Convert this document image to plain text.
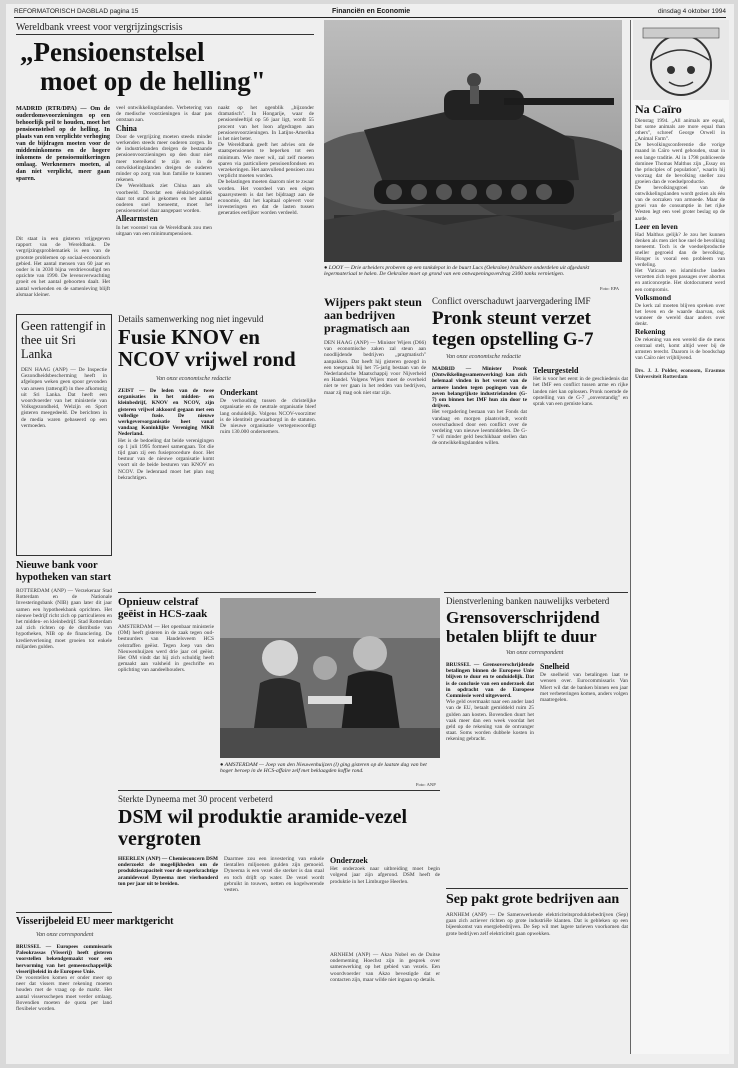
REFORMATORISCH DAGBLAD pagina 15	Financiën en Economie	dinsdag 4 oktober 1994
Wereldbank vreest voor vergrijzingscrisis
„Pensioenstelsel
moet op de helling"
MADRID (RTR/DPA) — Om de ouderdomsvoorzieningen op een behoorlijk peil te houden, moet het pensioenstelsel op de helling. In plaats van een verplichte verhoging van de bijdragen moeten voor de middeninkomens en de hogere inkomens de pensioenuitkeringen omlaag. Werknemers moeten, al dan niet verplicht, meer gaan sparen.
Dit staat in een gisteren vrijgegeven rapport van de Wereldbank. De vergrijzingsproblematiek is een van de grootste problemen op sociaal-economisch gebied. Het aantal mensen van 60 jaar en ouder is in 2030 bijna verdrievoudigd ten opzichte van 1990. De levensverwachting groeit en het aantal geboorten daalt. Het aantal werkenden en de samenleving blijft alsmaar kleiner.
veel ontwikkelingslanden. Verbetering van de medische voorzieningen is daar pas ontstaan aan.
China
Door de vergrijzing moeten steeds minder werkenden steeds meer ouderen zorgen. In de industrielanden dreigen de bestaande pensioenvoorzieningen op den duur niet meer toereikend te zijn en in de ontwikkelingslanden dreigen de ouderen minder op zorg van hun familie te kunnen rekenen.
De Wereldbank ziet China aan als voorbeeld. Doordat een éénkind-politiek daar tot stand is gekomen en het aantal ouderen snel toeneemt, moet het pensioenstelsel daar aangepast worden.
Allearmsten
In het voorstel van de Wereldbank zou men uitgaan van een minimumpensioen.
naakt op het ogenblik „bijzonder dramatisch". In Hongarije, waar de pensioenleeftijd op 56 jaar ligt, wordt 55 procent van het loon afgedragen aan pensioenvoorzieningen. In Latijns-Amerika is het niet beter.
De Wereldbank geeft het advies om de staatspensioenen te beperken tot een minimum. Wie meer wil, zal zelf moeten sparen via particuliere pensioenfondsen en verzekeringen. Het aanvullend pensioen zou verplicht moeten worden.
De belastingen moeten daarom niet te zwaar worden. Het voordeel van een eigen spaarsysteem is dat het bijdraagt aan de economie, dat het kapitaal oplevert voor investeringen en dat de lasten tussen generaties eerlijker worden verdeeld.
● LOOY — Drie arbeiders proberen op een tankdepot in de buurt Lucs (Oekraïne) bruikbare onderdelen uit afgedankt legermateriaal te halen. De Oekraïne moet op grond van een ontwapeningsverdrag 2300 tanks vernietigen.
Foto: EPA
Na Caïro
Dienstag 1994. „All animals are equal, but some animals are more equal than others", schreef George Orwell in „Animal Farm".
De bevolkingsconferentie die vorige maand in Caïro werd gehouden, staat in een lange traditie. Al in 1798 publiceerde dominee Thomas Malthus zijn „Essay on the principles of population", waarin hij voorzag dat de bevolking sneller zou groeien dan de voedselproductie.
De bevolkingsgroei van de ontwikkelingslanden wordt gezien als één van de oorzaken van armoede. Maar de groei van de consumptie in het rijke Westen legt een veel groter beslag op de aarde.
Leer en leven
Had Malthus gelijk? Je zou het kunnen denken als men ziet hoe snel de bevolking toeneemt. Toch is de voedselproductie sneller gegroeid dan de bevolking. Honger is vooral een probleem van verdeling.
Het Vaticaan en islamitische landen verzetten zich tegen passages over abortus en anticonceptie. Het slotdocument werd een compromis.
Volksmond
De kerk zal moeten blijven spreken over het leven en de waarde daarvan, ook wanneer de wereld daar anders over denkt.
Rekening
De rekening van een wereld die de mens centraal stelt, komt altijd weer bij de armsten terecht. Daarom is de boodschap van Caïro niet vrijblijvend.

Drs. J. J. Polder, econoom, Erasmus Universiteit Rotterdam
Geen rattengif in thee uit Sri Lanka
DEN HAAG (ANP) — De Inspectie Gezondheidsbescherming heeft in afgelopen weken geen spoor gevonden van arseen (rattengif) in thee afkomstig uit Sri Lanka. Dat heeft een woordvoerder van het ministerie van Volksgezondheid, Welzijn en Sport gisteren meegedeeld. De berichten in de media waren gebaseerd op een vermoeden.
Nieuwe bank voor hypotheken van start
ROTTERDAM (ANP) — Verzekeraar Stad Rotterdam en de Nationale Investeringsbank (NIB) gaan later dit jaar samen een hypotheekbank oprichten. Het nieuwe bedrijf richt zich op particulieren en het midden- en kleinbedrijf. Stad Rotterdam zal zich richten op de distributie van hypotheken, NIB op de financiering. De kredietverlening moet groeien tot enkele miljarden gulden.
Details samenwerking nog niet ingevuld
Fusie KNOV en NCOV vrijwel rond
Van onze economische redactie
ZEIST — De leden van de twee organisaties in het midden- en kleinbedrijf, KNOV en NCOV, zijn gisteren vrijwel akkoord gegaan met een volledige fusie. De nieuwe werkgeversorganisatie heet vanaf vandaag Koninklijke Vereniging MKB Nederland.
Het is de bedoeling dat beide verenigingen op 1 juli 1995 formeel samengaan. Tot die tijd gaan zij een fusieprocedure door. Het bestuur van de nieuwe organisatie komt voort uit de beide besturen van KNOV en NCOV. De ledenraad moet het plan nog bekrachtigen.
Onderkant
De verhouding tussen de christelijke organisatie en de neutrale organisatie bleef lang onduidelijk. Volgens NCOV-voorzitter is de identiteit gewaarborgd in de statuten. De nieuwe organisatie vertegenwoordigt ruim 130.000 ondernemers.
Opnieuw celstraf geëist in HCS-zaak
AMSTERDAM — Het openbaar ministerie (OM) heeft gisteren in de zaak tegen oud-bestuurders van Handelsveem HCS celstraffen geëist. Tegen Joep van den Nieuwenhuijzen werd drie jaar cel geëist. Het OM vindt dat hij zich schuldig heeft gemaakt aan valsheid in geschrifte en oplichting van aandeelhouders.
● AMSTERDAM — Joep van den Nieuwenhuijzen (l) ging gisteren op de laatste dag van het hoger beroep in de HCS-affaire zelf met beklaagden koffie rond.
Foto: ANP
Wijpers pakt steun aan bedrijven pragmatisch aan
DEN HAAG (ANP) — Minister Wijers (D66) van economische zaken zal steun aan noodlijdende bedrijven „pragmatisch" aanpakken. Dat heeft hij gisteren gezegd in een toespraak bij het 75-jarig bestaan van de Nederlandsche Maatschappij voor Nijverheid en Handel. Volgens Wijers moet de overheid niet te ver gaan in het redden van bedrijven, maar zij mag ook niet star zijn.
Conflict overschaduwt jaarvergadering IMF
Pronk steunt verzet tegen opstelling G-7
Van onze economische redactie
MADRID — Minister Pronk (Ontwikkelingssamenwerking) kan zich helemaal vinden in het verzet van de armere landen tegen pogingen van de zeven belangrijkste industrielanden (G-7) om binnen het IMF hun zin door te drijven.
Het vergadering bestaan van het Fonds dat vandaag en morgen plaatsvindt, wordt overschaduwd door een conflict over de verdeling van nieuwe leenmiddelen. De G-7 wil minder geld beschikbaar stellen dan de ontwikkelingslanden willen.
Teleurgesteld
Het is voor het eerst in de geschiedenis dat het IMF een conflict tussen arme en rijke landen niet kan oplossen. Pronk noemde de opstelling van de G-7 „onverstandig" en sprak van een gemiste kans.
Dienstverlening banken nauwelijks verbeterd
Grensoverschrijdend betalen blijft te duur
Van onze correspondent
BRUSSEL — Grensoverschrijdende betalingen binnen de Europese Unie blijven te duur en te onduidelijk. Dat is de conclusie van een onderzoek dat in opdracht van de Europese Commissie werd uitgevoerd.
Wie geld overmaakt naar een ander land van de EU, betaalt gemiddeld ruim 25 gulden aan kosten. Bovendien duurt het vaak meer dan een week voordat het geld op de rekening van de ontvanger staat. Soms worden dubbele kosten in rekening gebracht.
Snelheid
De snelheid van betalingen laat te wensen over. Eurocommissaris Van Miert wil dat de banken binnen een jaar met verbeteringen komen, anders volgen maatregelen.
Sterkte Dyneema met 30 procent verbeterd
DSM wil produktie aramide-vezel vergroten
HEERLEN (ANP) — Chemieconcern DSM onderzoekt de mogelijkheden om de produktiecapaciteit voor de superkrachtige aramidevezel Dyneema met vierhonderd ton per jaar uit te breiden.
Daarmee zou een investering van enkele tientallen miljoenen gulden zijn gemoeid. Dyneema is een vezel die sterker is dan staal en toch drijft op water. De vezel wordt gebruikt in touwen, netten en kogelwerende vesten.
Onderzoek
Het onderzoek naar uitbreiding moet begin volgend jaar zijn afgerond. DSM heeft de produktie in het Limburgse Heerlen.
ARNHEM (ANP) — Akzo Nobel en de Duitse onderneming Hoechst zijn in gesprek over samenwerking op het gebied van vezels. Een woordvoerder van Akzo bevestigde dat er contacten zijn, maar wilde niet ingaan op details.
Visserijbeleid EU meer marktgericht
Van onze correspondent
BRUSSEL — Europees commissaris Paleokrassas (Visserij) heeft gisteren voorstellen bekendgemaakt voor een hervorming van het gemeenschappelijk visserijbeleid in de Europese Unie.
De voorstellen komen er onder meer op neer dat vissers meer rekening moeten houden met de vraag op de markt. Het aantal vissersschepen moet verder omlaag. Bovendien moeten de quota per land flexibeler worden.
Sep pakt grote bedrijven aan
ARNHEM (ANP) — De Samenwerkende elektriciteitsproduktiebedrijven (Sep) gaan zich actiever richten op grote industriële klanten. Dat is gebleken op een bijeenkomst van energiebedrijven. De Sep wil met lagere tarieven voorkomen dat grote bedrijven zelf elektriciteit gaan opwekken.
